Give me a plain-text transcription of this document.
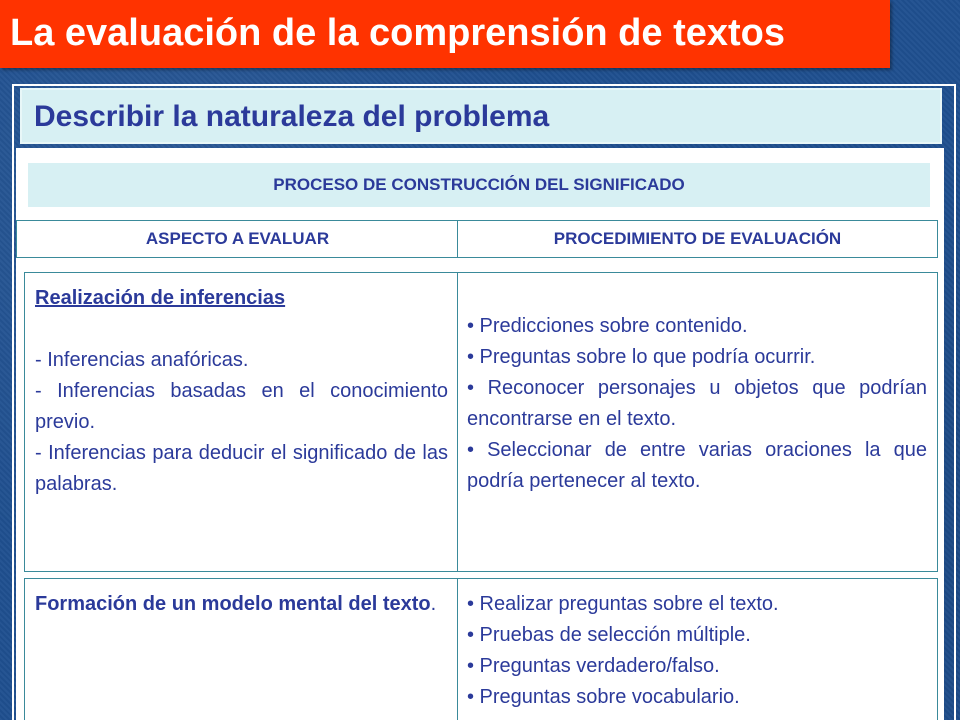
La evaluación de la comprensión de textos
Describir la naturaleza del problema
PROCESO DE CONSTRUCCIÓN DEL SIGNIFICADO
ASPECTO A EVALUAR	PROCEDIMIENTO DE EVALUACIÓN
Realización de inferencias
- Inferencias anafóricas.
- Inferencias basadas en el conocimiento previo.
- Inferencias para deducir el significado de las palabras.
• Predicciones sobre contenido.
• Preguntas sobre lo que podría ocurrir.
• Reconocer personajes u objetos que podrían encontrarse en el texto.
• Seleccionar de entre varias oraciones la que podría pertenecer al texto.
Formación de un modelo mental del texto.	• Realizar preguntas sobre el texto.
• Pruebas de selección múltiple.
• Preguntas verdadero/falso.
• Preguntas sobre vocabulario.
